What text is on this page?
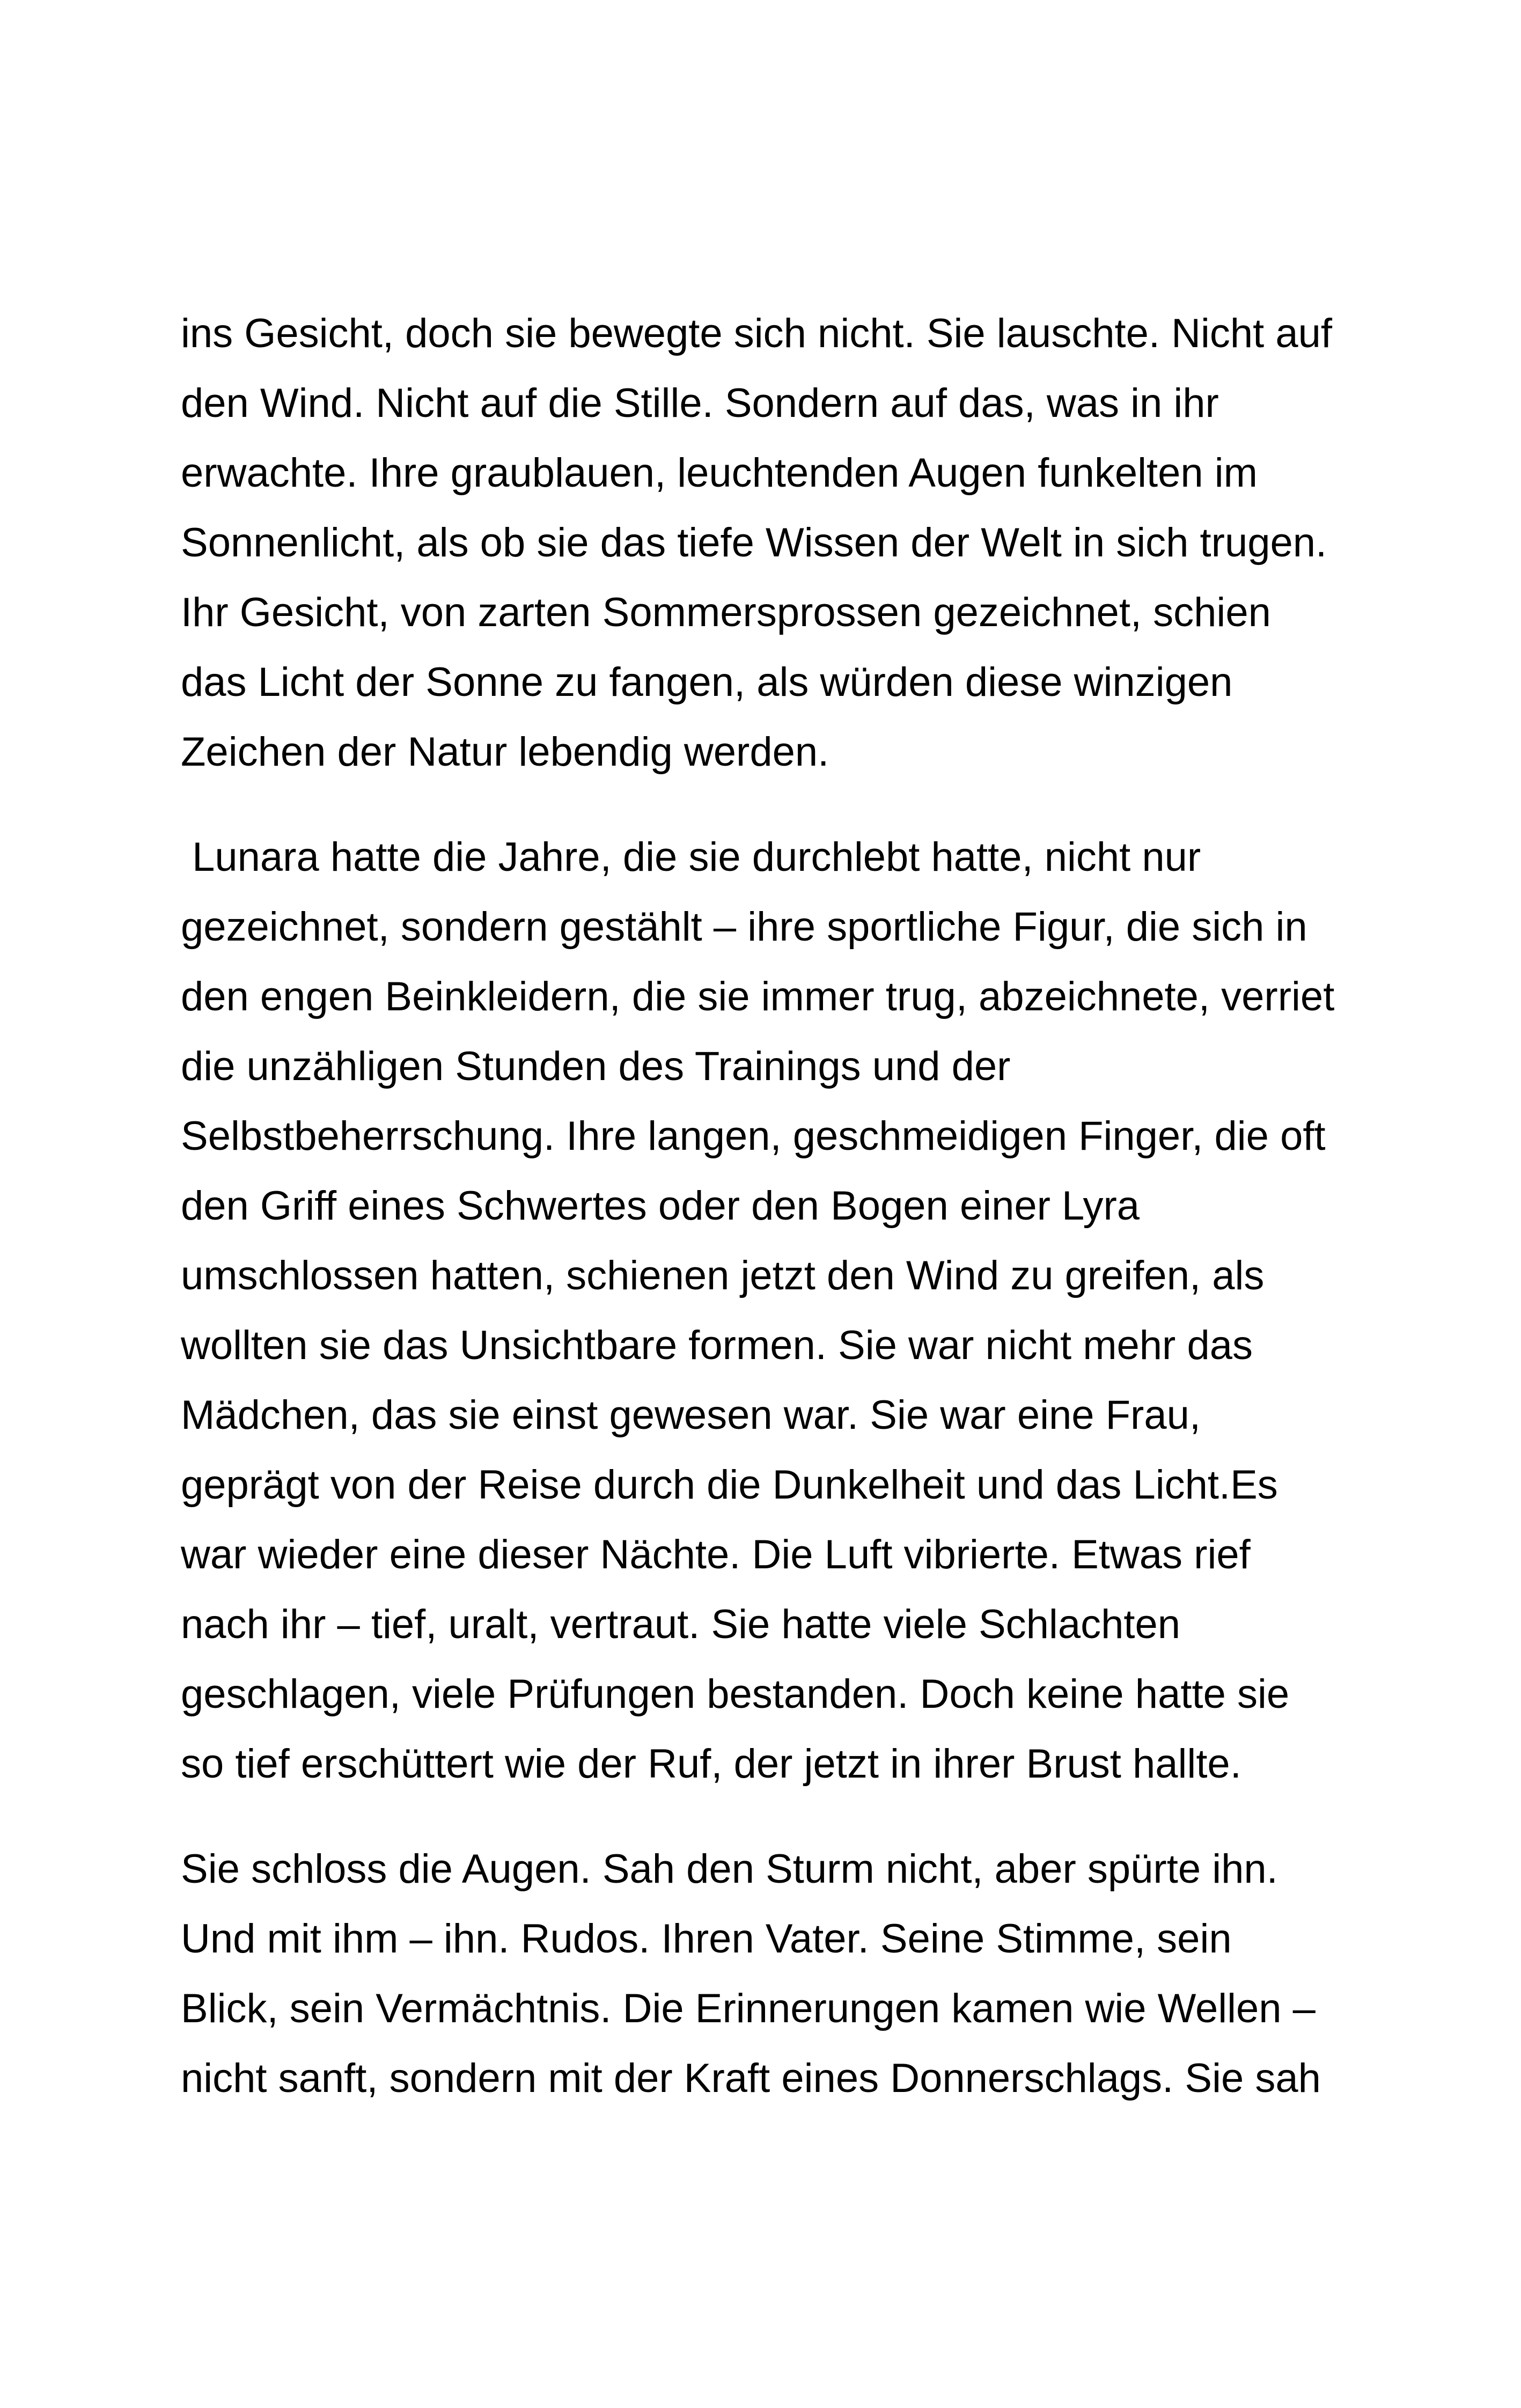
ins Gesicht, doch sie bewegte sich nicht. Sie lauschte. Nicht auf
den Wind. Nicht auf die Stille. Sondern auf das, was in ihr
erwachte. Ihre graublauen, leuchtenden Augen funkelten im
Sonnenlicht, als ob sie das tiefe Wissen der Welt in sich trugen.
Ihr Gesicht, von zarten Sommersprossen gezeichnet, schien
das Licht der Sonne zu fangen, als würden diese winzigen
Zeichen der Natur lebendig werden.
Lunara hatte die Jahre, die sie durchlebt hatte, nicht nur
gezeichnet, sondern gestählt – ihre sportliche Figur, die sich in
den engen Beinkleidern, die sie immer trug, abzeichnete, verriet
die unzähligen Stunden des Trainings und der
Selbstbeherrschung. Ihre langen, geschmeidigen Finger, die oft
den Griff eines Schwertes oder den Bogen einer Lyra
umschlossen hatten, schienen jetzt den Wind zu greifen, als
wollten sie das Unsichtbare formen. Sie war nicht mehr das
Mädchen, das sie einst gewesen war. Sie war eine Frau,
geprägt von der Reise durch die Dunkelheit und das Licht.Es
war wieder eine dieser Nächte. Die Luft vibrierte. Etwas rief
nach ihr – tief, uralt, vertraut. Sie hatte viele Schlachten
geschlagen, viele Prüfungen bestanden. Doch keine hatte sie
so tief erschüttert wie der Ruf, der jetzt in ihrer Brust hallte.
Sie schloss die Augen. Sah den Sturm nicht, aber spürte ihn.
Und mit ihm – ihn. Rudos. Ihren Vater. Seine Stimme, sein
Blick, sein Vermächtnis. Die Erinnerungen kamen wie Wellen –
nicht sanft, sondern mit der Kraft eines Donnerschlags. Sie sah
